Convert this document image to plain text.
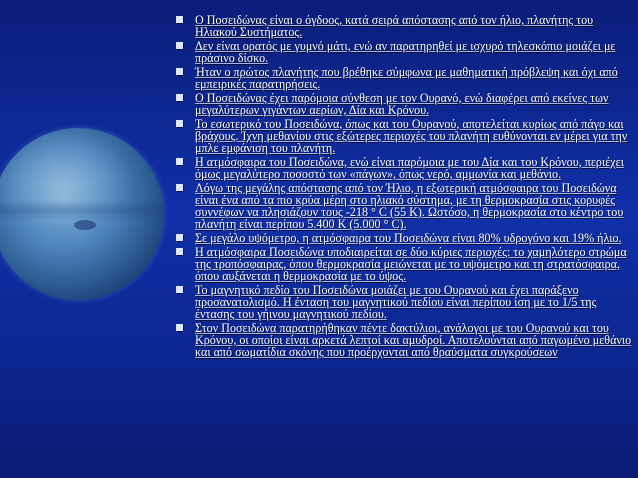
Ο Ποσειδώνας είναι ο όγδοος, κατά σειρά απόστασης από τον ήλιο, πλανήτης του Ηλιακού Συστήματος.
Δεν είναι ορατός με γυμνό μάτι, ενώ αν παρατηρηθεί με ισχυρό τηλεσκόπιο μοιάζει με πράσινο δίσκο.
Ήταν ο πρώτος πλανήτης που βρέθηκε σύμφωνα με μαθηματική πρόβλεψη και όχι από εμπειρικές παρατηρήσεις.
Ο Ποσειδώνας έχει παρόμοια σύνθεση με τον Ουρανό, ενώ διαφέρει από εκείνες των μεγαλύτερων γιγάντων αερίων, Δία και Κρόνου.
Το εσωτερικό του Ποσειδώνα, όπως και του Ουρανού, αποτελείται κυρίως από πάγο και βράχους. Ίχνη μεθανίου στις εξώτερες περιοχές του πλανήτη ευθύνονται εν μέρει για την μπλε εμφάνιση του πλανήτη.
Η ατμόσφαιρα του Ποσειδώνα, ενώ είναι παρόμοια με του Δία και του Κρόνου, περιέχει όμως μεγαλύτερο ποσοστό των «πάγων», όπως νερό, αμμωνία και μεθάνιο.
Λόγω της μεγάλης απόστασης από τον Ήλιο, η εξωτερική ατμόσφαιρα του Ποσειδώνα είναι ένα από τα πιο κρύα μέρη στο ηλιακό σύστημα, με τη θερμοκρασία στις κορυφές συννέφων να πλησιάζουν τους -218 ° C (55 K). Ωστόσο, η θερμοκρασία στο κέντρο του πλανήτη είναι περίπου 5.400 K (5.000 ° C).
Σε μεγάλο υψόμετρο, η ατμόσφαιρα του Ποσειδώνα είναι 80% υδρογόνο και 19% ήλιο.
Η ατμόσφαιρα Ποσειδώνα υποδιαιρείται σε δύο κύριες περιοχές: το χαμηλότερο στρώμα της τροπόσφαιρας, όπου θερμοκρασία μειώνεται με το υψόμετρο και τη στρατόσφαιρα, όπου αυξάνεται η θερμοκρασία με το ύψος.
Το μαγνητικό πεδίο του Ποσειδώνα μοιάζει με του Ουρανού και έχει παράξενο προσανατολισμό. Η ένταση του μαγνητικού πεδίου είναι περίπου ίση με το 1/5 της έντασης του γήινου μαγνητικού πεδίου.
Στον Ποσειδώνα παρατηρήθηκαν πέντε δακτύλιοι, ανάλογοι με του Ουρανού και του Κρόνου, οι οποίοι είναι αρκετά λεπτοί και αμυδροί. Αποτελούνται από παγωμένο μεθάνιο και από σωματίδια σκόνης που προέρχονται από θραύσματα συγκρούσεων
